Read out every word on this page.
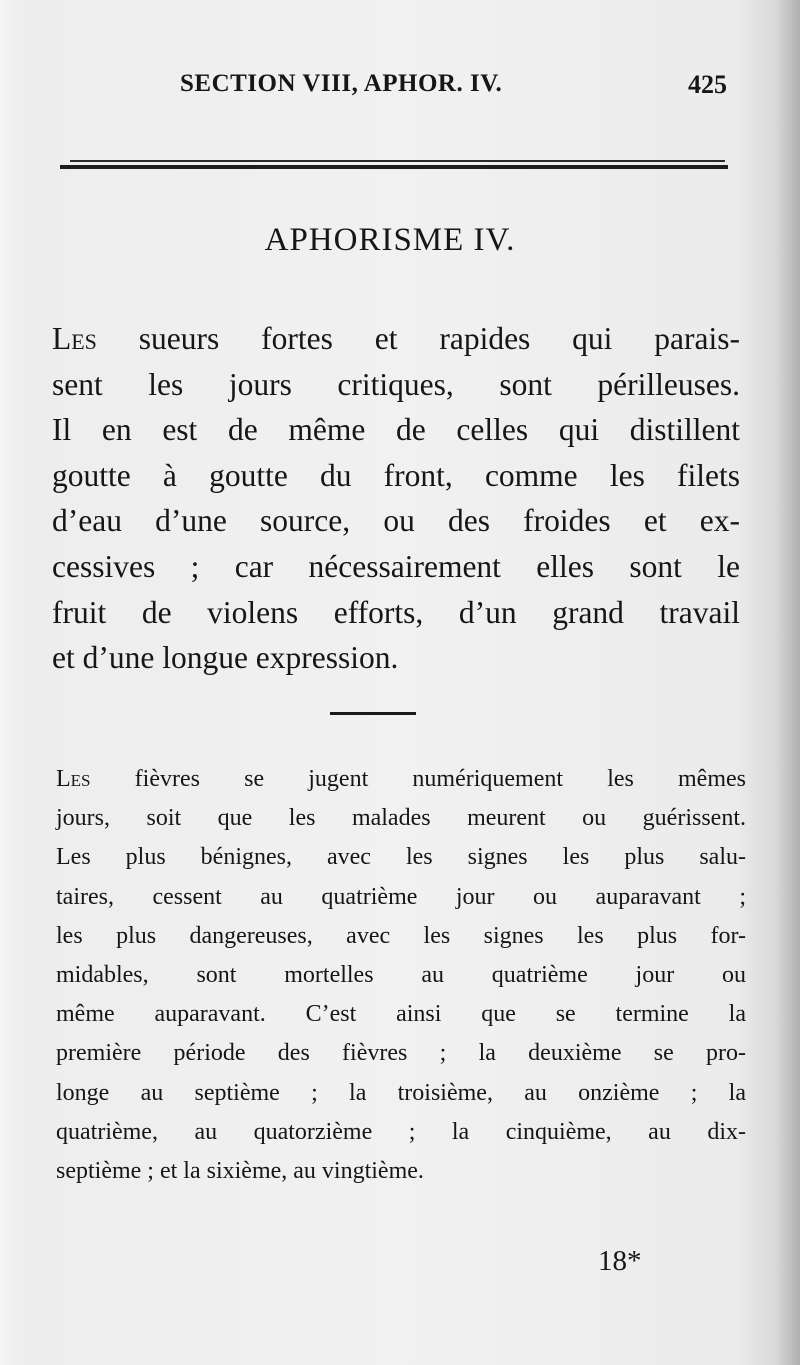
SECTION VIII, APHOR. IV.	425
APHORISME IV.
Les sueurs fortes et rapides qui parais-
sent les jours critiques, sont périlleuses.
Il en est de même de celles qui distillent
goutte à goutte du front, comme les filets
d’eau d’une source, ou des froides et ex-
cessives ; car nécessairement elles sont le
fruit de violens efforts, d’un grand travail
et d’une longue expression.
Les fièvres se jugent numériquement les mêmes
jours, soit que les malades meurent ou guérissent.
Les plus bénignes, avec les signes les plus salu-
taires, cessent au quatrième jour ou auparavant ;
les plus dangereuses, avec les signes les plus for-
midables, sont mortelles au quatrième jour ou
même auparavant. C’est ainsi que se termine la
première période des fièvres ; la deuxième se pro-
longe au septième ; la troisième, au onzième ; la
quatrième, au quatorzième ; la cinquième, au dix-
septième ; et la sixième, au vingtième.
18*
